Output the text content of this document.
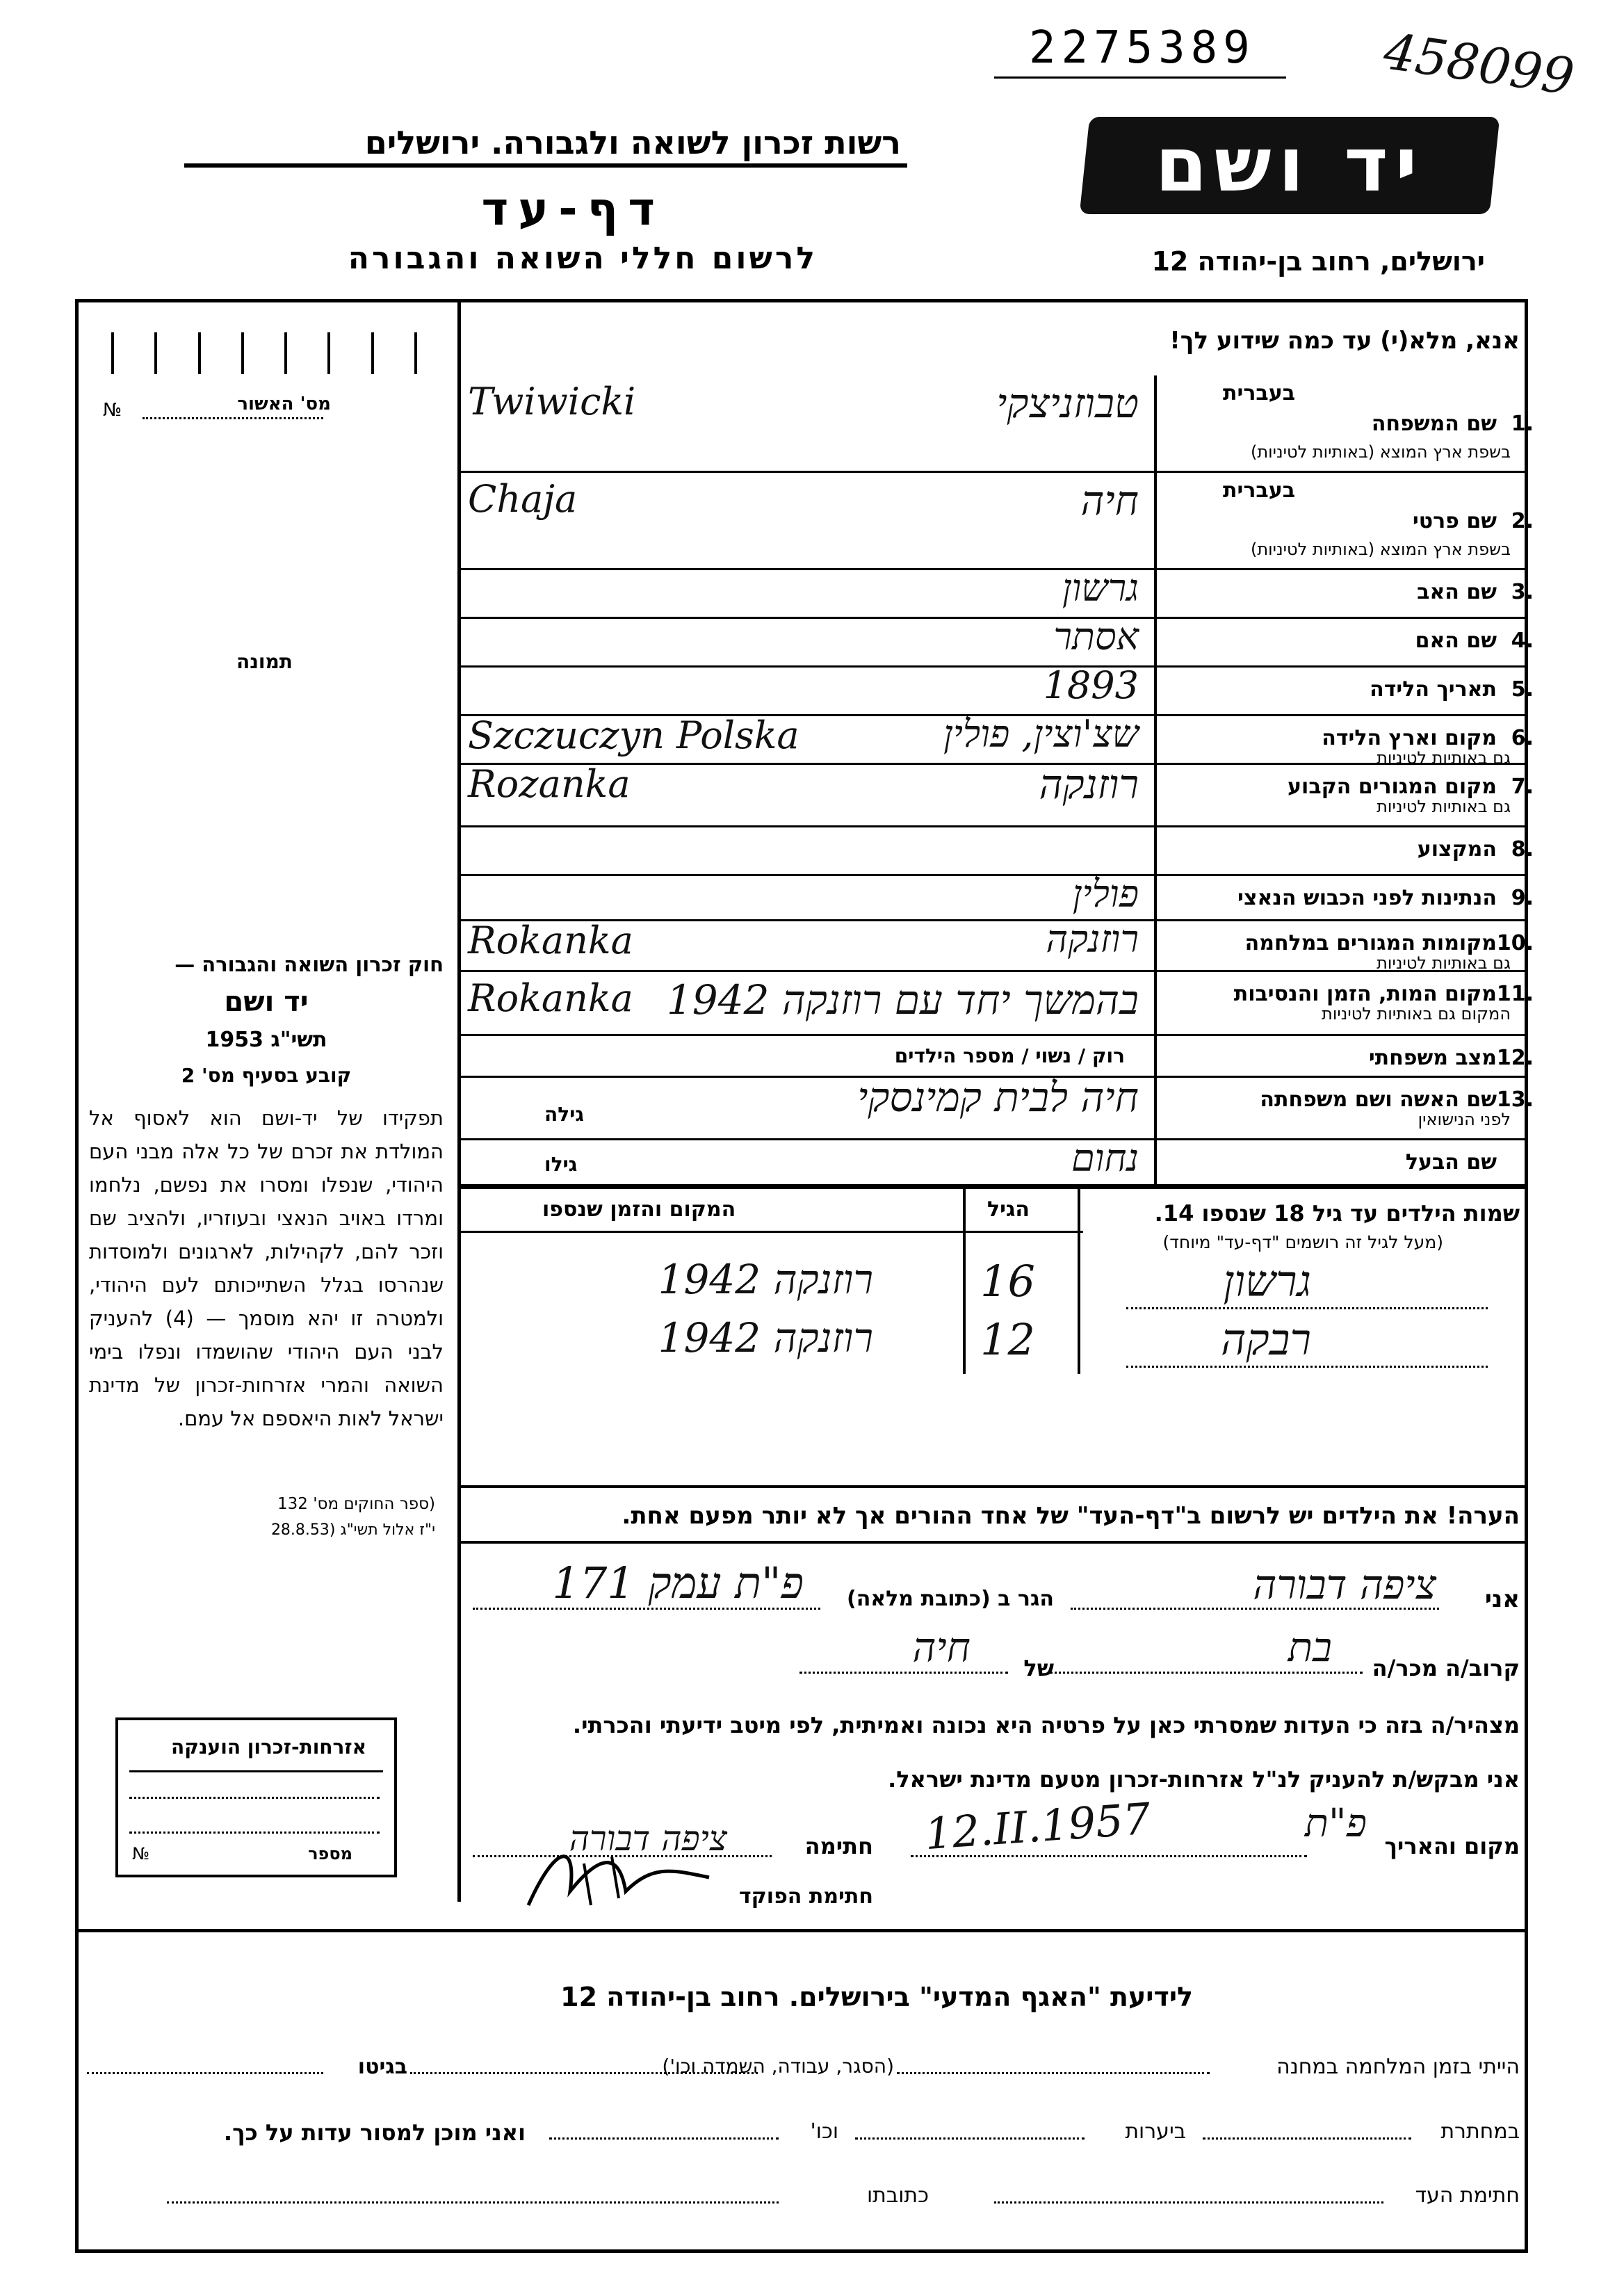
2275389 458099
רשות זכרון לשואה ולגבורה. ירושלים
דף-עד
לרשום חללי השואה והגבורה
יד ושם
ירושלים, רחוב בן-יהודה 12
אנא, מלא(י) עד כמה שידוע לך!
מס' האשור
№
תמונה
חוק זכרון השואה והגבורה —
יד ושם
תשי"ג 1953
קובע בסעיף מס' 2
תפקידו של יד-ושם הוא לאסוף אל המולדת את זכרם של כל אלה מבני העם היהודי, שנפלו ומסרו את נפשם, נלחמו ומרדו באויב הנאצי ובעוזריו, ולהציב שם וזכר להם, לקהילות, לארגונים ולמוסדות שנהרסו בגלל השתייכותם לעם היהודי, ולמטרה זו יהא מוסמך — (4) להעניק לבני העם היהודי שהושמדו ונפלו בימי השואה והמרי אזרחות-זכרון של מדינת ישראל לאות היאספם אל עמם.
(ספר החוקים מס' 132
י"ז אלול תשי"ג (28.8.53
אזרחות-זכרון הוענקה
מספר
№
שם המשפחה 1.
בשפת ארץ המוצא (באותיות לטיניות)
בעברית
טבוזניצקי
Twiwicki
שם פרטי 2.
בשפת ארץ המוצא (באותיות לטיניות)
בעברית
חיה
Chaja
שם האב 3.
גרשון
שם האם 4.
אסתר
תאריך הלידה 5.
1893
מקום וארץ הלידה 6.
גם באותיות לטיניות
שצ'וצין, פולין
Szczuczyn Polska
מקום המגורים הקבוע 7.
גם באותיות לטיניות
רוזנקה
Rozanka
המקצוע 8.
הנתינות לפני הכבוש הנאצי 9.
פולין
מקומות המגורים במלחמה 10.
גם באותיות לטיניות
רוזנקה
Rokanka
מקום המות, הזמן והנסיבות 11.
המקום גם באותיות לטיניות
בהמשך יחד עם רוזנקה 1942
Rokanka
מצב משפחתי 12.
רוק / נשוי / מספר הילדים
שם האשה ושם משפחתה 13.
לפני הנישואין
גילה	חיה לבית קמינסקי
שם הבעל
גילו	נחום
שמות הילדים עד גיל 18 שנספו 14.
(מעל לגיל זה רושמים "דף-עד" מיוחד)
הגיל
המקום והזמן שנספו
גרשון
16
רוזנקה 1942
רבקה
12
רוזנקה 1942
הערה! את הילדים יש לרשום ב"דף-העד" של אחד ההורים אך לא יותר מפעם אחת.
אני
ציפה דבורה
הגר ב (כתובת מלאה)
פ"ת עמק 171
קרוב/ה מכר/ה
בת
של
חיה
מצהיר/ה בזה כי העדות שמסרתי כאן על פרטיה היא נכונה ואמיתית, לפי מיטב ידיעתי והכרתי.
אני מבקש/ת להעניק לנ"ל אזרחות-זכרון מטעם מדינת ישראל.
מקום והאריך
פ"ת
12.II.1957
חתימה
ציפה דבורה
חתימת הפוקד
לידיעת "האגף המדעי" בירושלים. רחוב בן-יהודה 12
הייתי בזמן המלחמה במחנה
(הסגר, עבודה, השמדה וכו')
בגיטו
במחתרת
ביערות
וכו'
ואני מוכן למסור עדות על כך.
חתימת העד
כתובתו
